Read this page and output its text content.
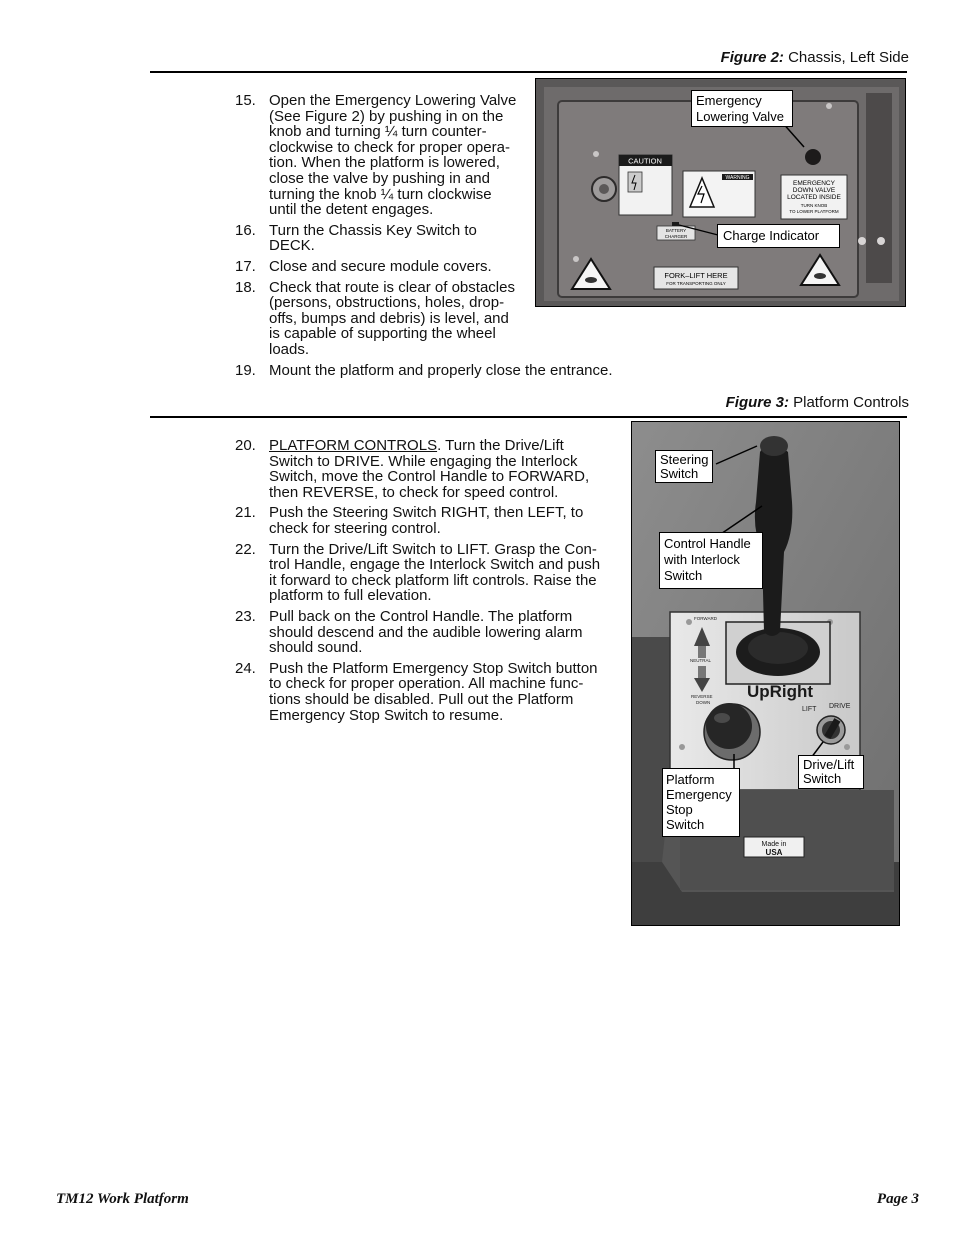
Figure 2: Chassis, Left Side
15. Open the Emergency Lowering Valve
(See Figure 2) by pushing in on the
knob and turning ¼ turn counter-
clockwise to check for proper opera-
tion. When the platform is lowered,
close the valve by pushing in and
turning the knob ¼ turn clockwise
until the detent engages.
16. Turn the Chassis Key Switch to
DECK.
17. Close and secure module covers.
18. Check that route is clear of obstacles
(persons, obstructions, holes, drop-
offs, bumps and debris) is level, and
is capable of supporting the wheel
loads.
19. Mount the platform and properly close the entrance.
CAUTION
WARNING
EMERGENCY
DOWN VALVE
LOCATED INSIDE
TURN KNOB
TO LOWER PLATFORM
BATTERY
CHARGER
FORK–LIFT HERE
FOR TRANSPORTING ONLY
Emergency
Lowering Valve
Charge Indicator
Figure 3: Platform Controls
20. PLATFORM CONTROLS. Turn the Drive/Lift
Switch to DRIVE. While engaging the Interlock
Switch, move the Control Handle to FORWARD,
then REVERSE, to check for speed control.
21. Push the Steering Switch RIGHT, then LEFT, to
check for steering control.
22. Turn the Drive/Lift Switch to LIFT. Grasp the Con-
trol Handle, engage the Interlock Switch and push
it forward to check platform lift controls. Raise the
platform to full elevation.
23. Pull back on the Control Handle. The platform
should descend and the audible lowering alarm
should sound.
24. Push the Platform Emergency Stop Switch button
to check for proper operation. All machine func-
tions should be disabled. Pull out the Platform
Emergency Stop Switch to resume.
FORWARD
NEUTRAL
REVERSE
DOWN
UpRight
LIFT DRIVE
Made in
USA
Steering
Switch
Control Handle
with Interlock
Switch
Platform
Emergency
Stop
Switch
Drive/Lift
Switch
TM12 Work Platform	Page 3
